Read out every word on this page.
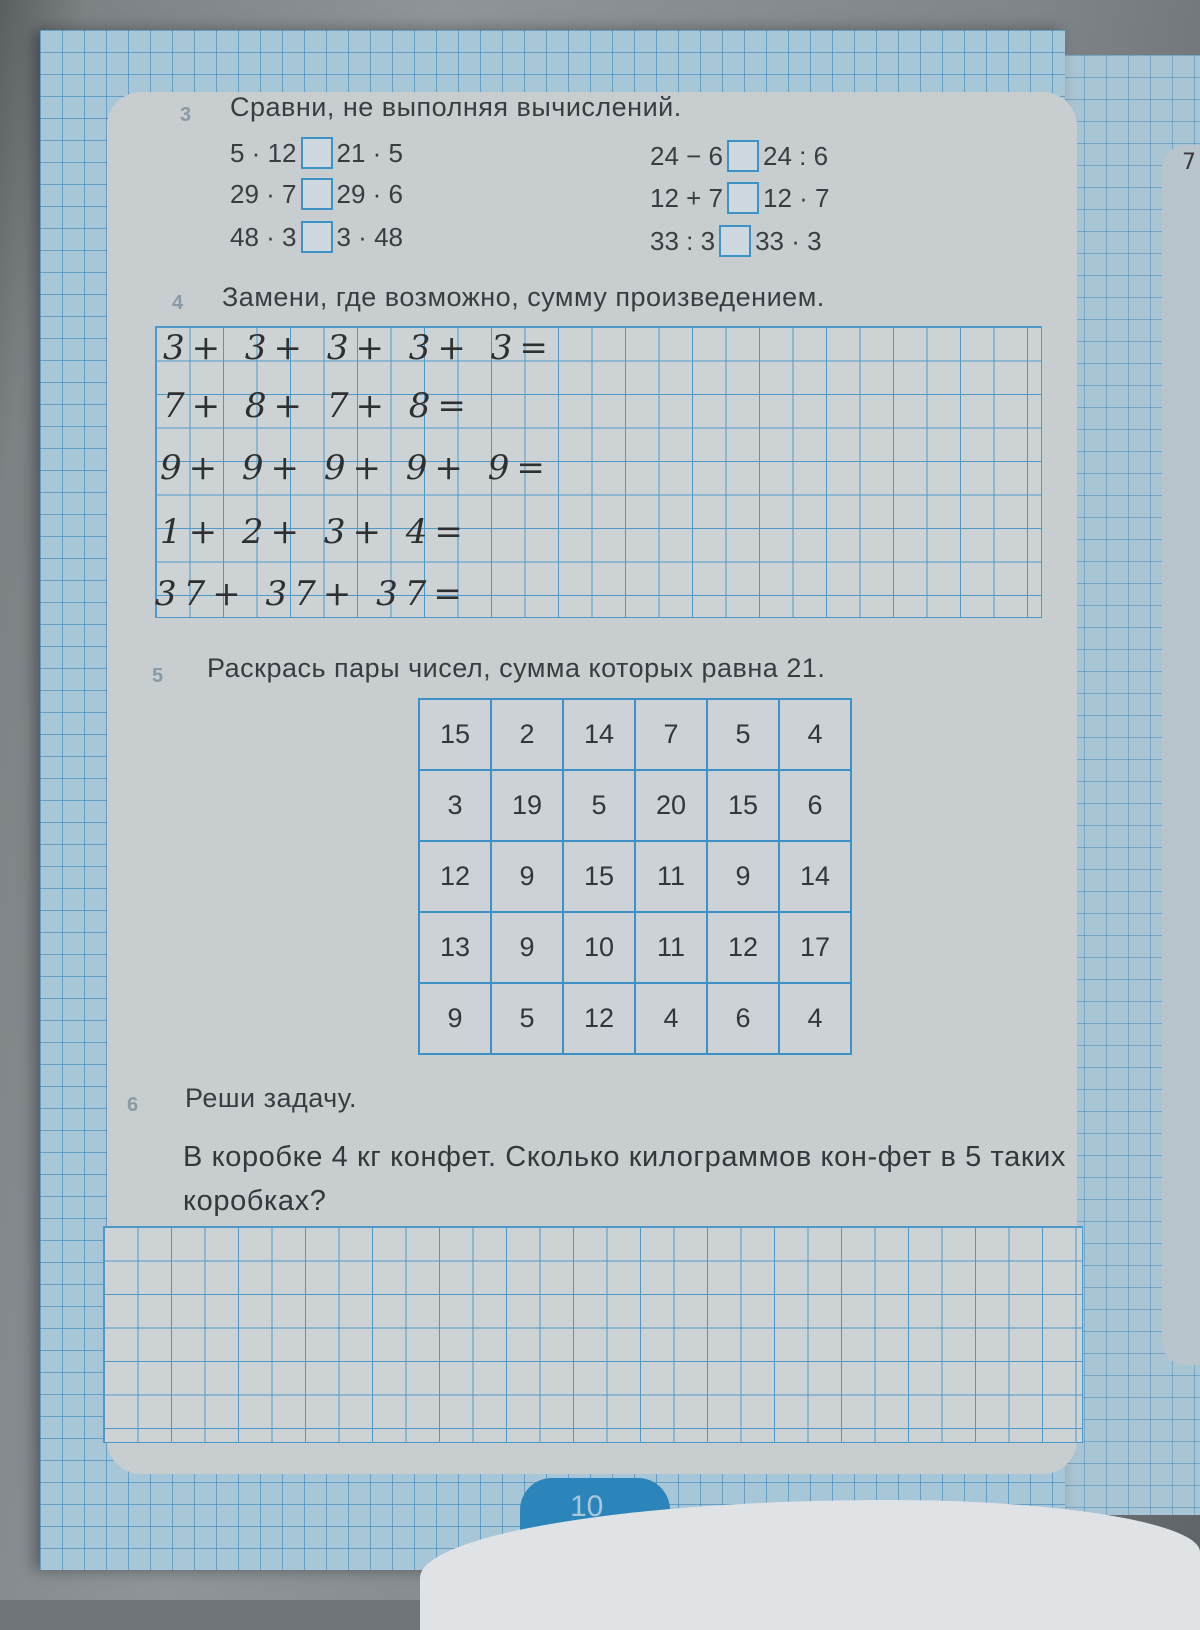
7
3 Сравни, не выполняя вычислений.
5 · 12 21 · 5
29 · 7 29 · 6
48 · 3 3 · 48
24 − 6 24 : 6
12 + 7 12 · 7
33 : 3 33 · 3
4 Замени, где возможно, сумму произведением.
3+ 3+ 3+ 3+ 3=
7+ 8+ 7+ 8=
9+ 9+ 9+ 9+ 9=
1+ 2+ 3+ 4=
37+ 37+ 37=
5 Раскрась пары чисел, сумма которых равна 21.
15	2	14	7	5	4
3	19	5	20	15	6
12	9	15	11	9	14
13	9	10	11	12	17
9	5	12	4	6	4
6 Реши задачу.
В коробке 4 кг конфет. Сколько килограммов кон-фет в 5 таких коробках?
10
